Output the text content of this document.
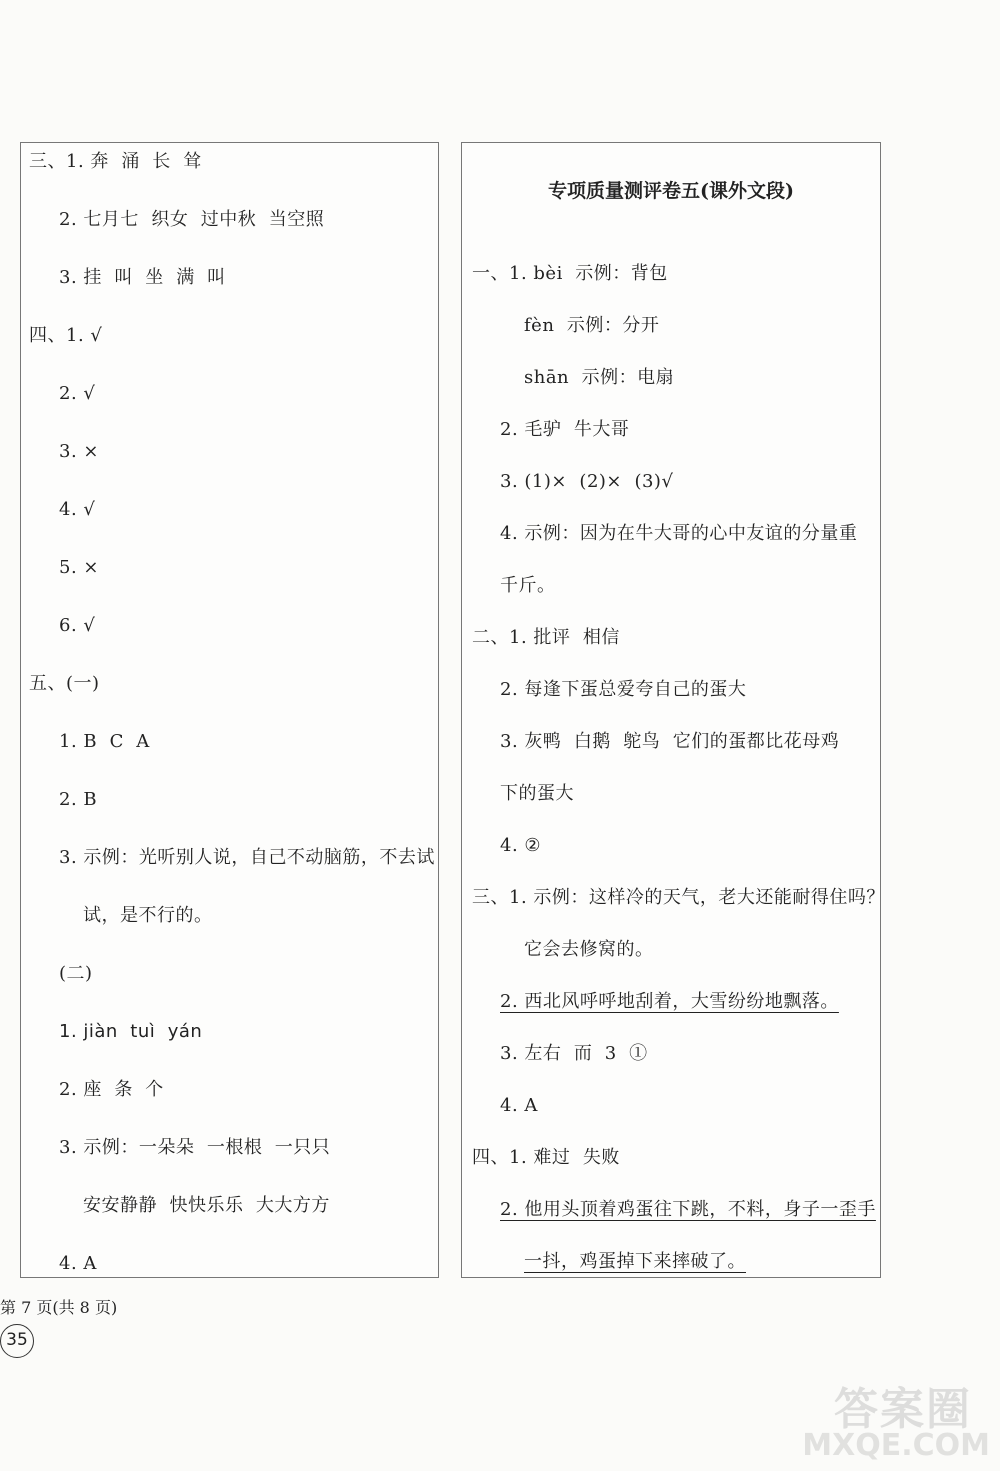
三、1. 奔  涌  长  耸
2. 七月七  织女  过中秋  当空照
3. 挂  叫  坐  满  叫
四、1. √
2. √
3. ×
4. √
5. ×
6. √
五、(一)
1. B  C  A
2. B
3. 示例：光听别人说，自己不动脑筋，不去试
试，是不行的。
(二)
1. jiàn  tuì  yán
2. 座  条  个
3. 示例：一朵朵  一根根  一只只
安安静静  快快乐乐  大大方方
4. A
专项质量测评卷五(课外文段)
一、1. bèi  示例：背包
fèn  示例：分开
shān  示例：电扇
2. 毛驴  牛大哥
3. (1)×  (2)×  (3)√
4. 示例：因为在牛大哥的心中友谊的分量重
千斤。
二、1. 批评  相信
2. 每逢下蛋总爱夸自己的蛋大
3. 灰鸭  白鹅  鸵鸟  它们的蛋都比花母鸡
下的蛋大
4. ②
三、1. 示例：这样冷的天气，老大还能耐得住吗？
它会去修窝的。
2. 西北风呼呼地刮着，大雪纷纷地飘落。
3. 左右  而  3  ①
4. A
四、1. 难过  失败
2. 他用头顶着鸡蛋往下跳，不料，身子一歪手
一抖，鸡蛋掉下来摔破了。
第 7 页(共 8 页)
35
答案圈
MXQE.COM
